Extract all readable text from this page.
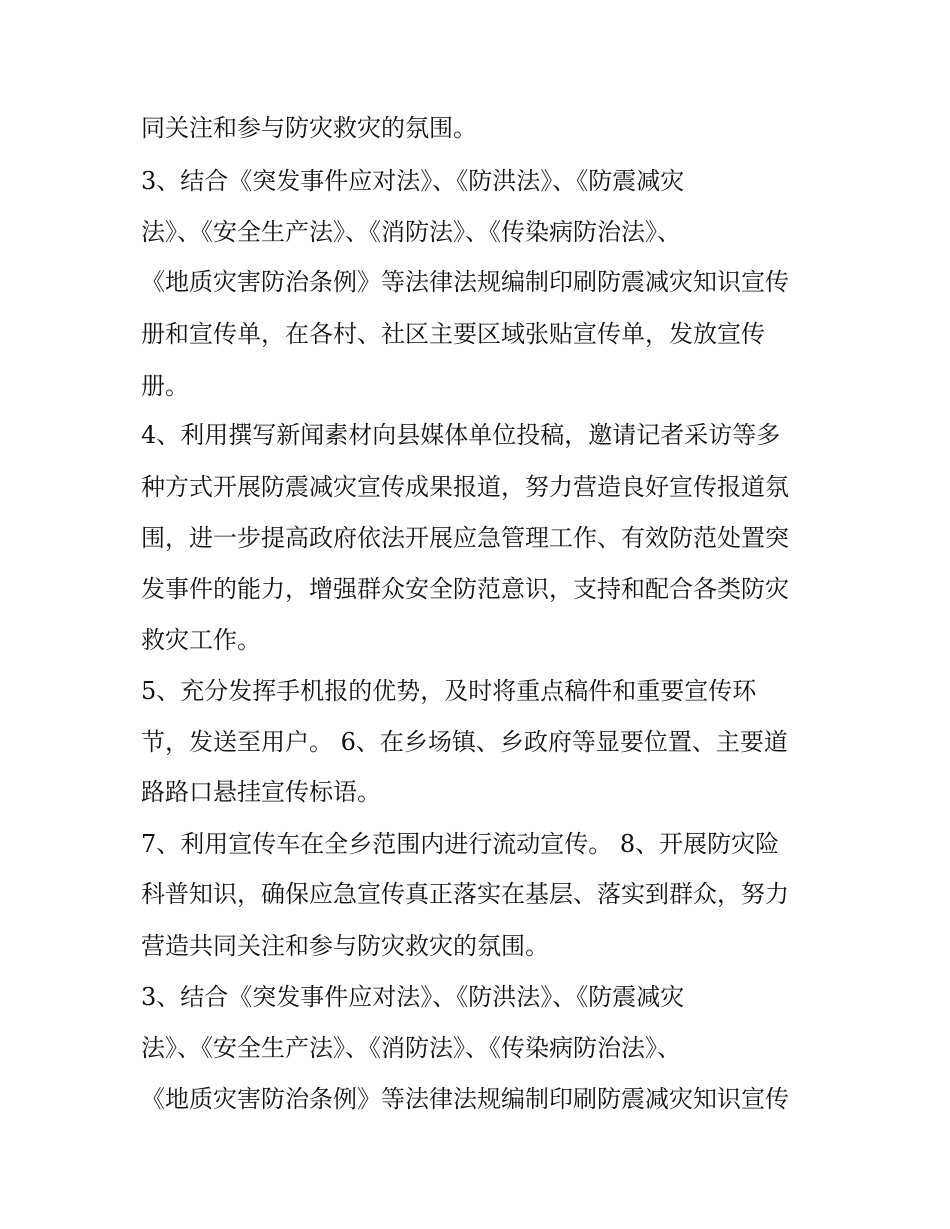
同关注和参与防灾救灾的氛围。
3、结合《突发事件应对法》、《防洪法》、《防震减灾
法》、《安全生产法》、《消防法》、《传染病防治法》、
《地质灾害防治条例》等法律法规编制印刷防震减灾知识宣传
册和宣传单，在各村、社区主要区域张贴宣传单，发放宣传
册。
4、利用撰写新闻素材向县媒体单位投稿，邀请记者采访等多
种方式开展防震减灾宣传成果报道，努力营造良好宣传报道氛
围，进一步提高政府依法开展应急管理工作、有效防范处置突
发事件的能力，增强群众安全防范意识，支持和配合各类防灾
救灾工作。
5、充分发挥手机报的优势，及时将重点稿件和重要宣传环
节，发送至用户。 6、在乡场镇、乡政府等显要位置、主要道
路路口悬挂宣传标语。
7、利用宣传车在全乡范围内进行流动宣传。 8、开展防灾险
科普知识，确保应急宣传真正落实在基层、落实到群众，努力
营造共同关注和参与防灾救灾的氛围。
3、结合《突发事件应对法》、《防洪法》、《防震减灾
法》、《安全生产法》、《消防法》、《传染病防治法》、
《地质灾害防治条例》等法律法规编制印刷防震减灾知识宣传
